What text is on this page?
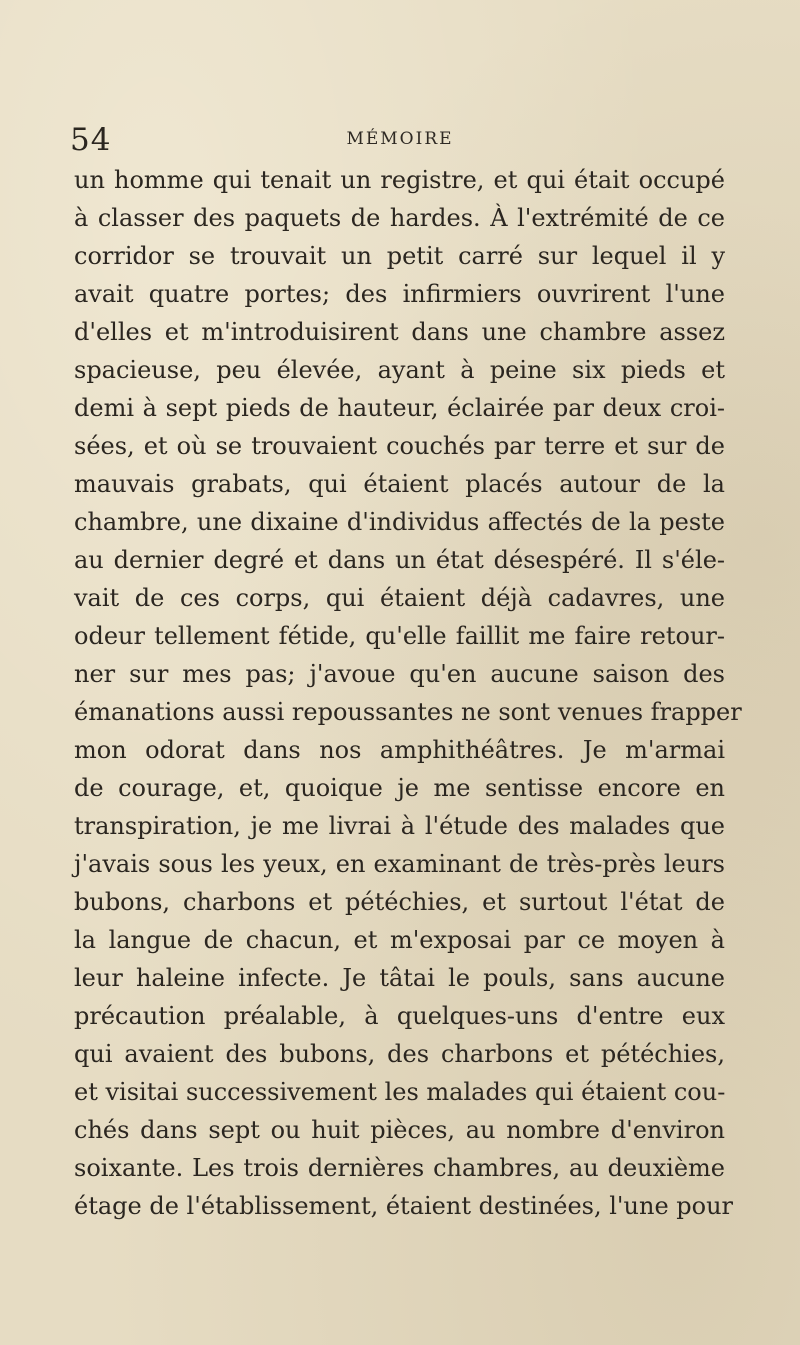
54	MÉMOIRE
un homme qui tenait un registre, et qui était occupé
à classer des paquets de hardes. À l'extrémité de ce
corridor se trouvait un petit carré sur lequel il y
avait quatre portes; des infirmiers ouvrirent l'une
d'elles et m'introduisirent dans une chambre assez
spacieuse, peu élevée, ayant à peine six pieds et
demi à sept pieds de hauteur, éclairée par deux croi-
sées, et où se trouvaient couchés par terre et sur de
mauvais grabats, qui étaient placés autour de la
chambre, une dixaine d'individus affectés de la peste
au dernier degré et dans un état désespéré. Il s'éle-
vait de ces corps, qui étaient déjà cadavres, une
odeur tellement fétide, qu'elle faillit me faire retour-
ner sur mes pas; j'avoue qu'en aucune saison des
émanations aussi repoussantes ne sont venues frapper
mon odorat dans nos amphithéâtres. Je m'armai
de courage, et, quoique je me sentisse encore en
transpiration, je me livrai à l'étude des malades que
j'avais sous les yeux, en examinant de très-près leurs
bubons, charbons et pétéchies, et surtout l'état de
la langue de chacun, et m'exposai par ce moyen à
leur haleine infecte. Je tâtai le pouls, sans aucune
précaution préalable, à quelques-uns d'entre eux
qui avaient des bubons, des charbons et pétéchies,
et visitai successivement les malades qui étaient cou-
chés dans sept ou huit pièces, au nombre d'environ
soixante. Les trois dernières chambres, au deuxième
étage de l'établissement, étaient destinées, l'une pour
